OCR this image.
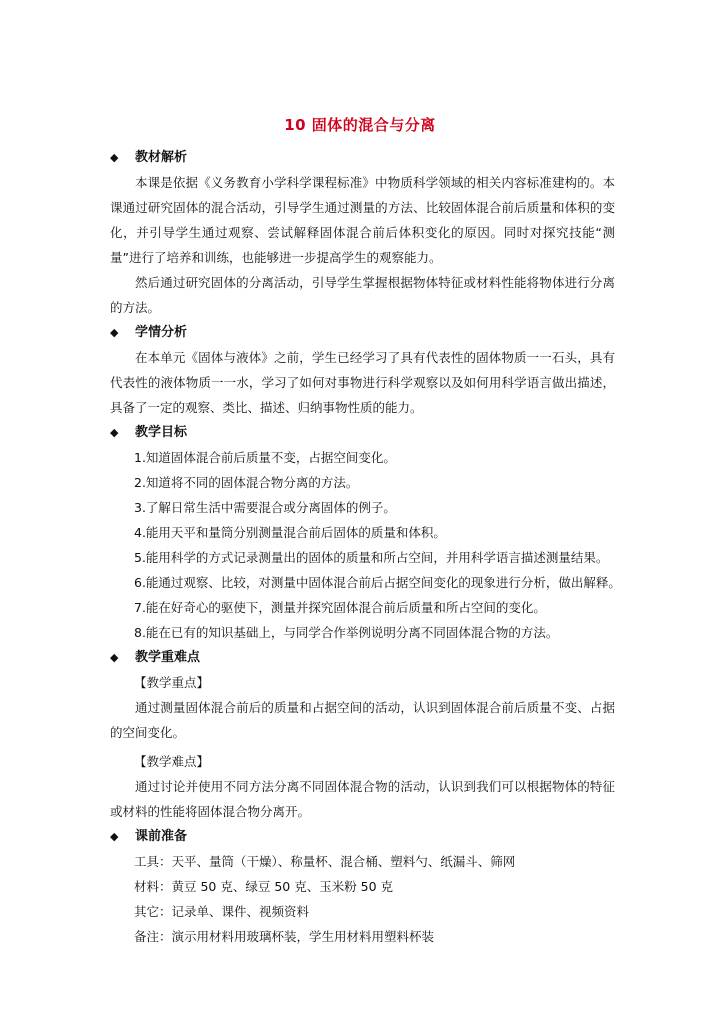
10 固体的混合与分离
◆	教材解析

本课是依据《义务教育小学科学课程标准》中物质科学领域的相关内容标准建构的。本课通过研究固体的混合活动，引导学生通过测量的方法、比较固体混合前后质量和体积的变化，并引导学生通过观察、尝试解释固体混合前后体积变化的原因。同时对探究技能“测量”进行了培养和训练，也能够进一步提高学生的观察能力。

然后通过研究固体的分离活动，引导学生掌握根据物体特征或材料性能将物体进行分离的方法。

◆	学情分析

在本单元《固体与液体》之前，学生已经学习了具有代表性的固体物质一一石头，具有代表性的液体物质一一水，学习了如何对事物进行科学观察以及如何用科学语言做出描述，具备了一定的观察、类比、描述、归纳事物性质的能力。

◆	教学目标
1.知道固体混合前后质量不变，占据空间变化。
2.知道将不同的固体混合物分离的方法。
3.了解日常生活中需要混合或分离固体的例子。
4.能用天平和量筒分别测量混合前后固体的质量和体积。
5.能用科学的方式记录测量出的固体的质量和所占空间，并用科学语言描述测量结果。
6.能通过观察、比较，对测量中固体混合前后占据空间变化的现象进行分析，做出解释。
7.能在好奇心的驱使下，测量并探究固体混合前后质量和所占空间的变化。
8.能在已有的知识基础上，与同学合作举例说明分离不同固体混合物的方法。
◆	教学重难点
【教学重点】

通过测量固体混合前后的质量和占据空间的活动，认识到固体混合前后质量不变、占据的空间变化。

【教学难点】

通过讨论并使用不同方法分离不同固体混合物的活动，认识到我们可以根据物体的特征或材料的性能将固体混合物分离开。

◆	课前准备
工具：天平、量筒（干燥）、称量杯、混合桶、塑料勺、纸漏斗、筛网
材料：黄豆 50 克、绿豆 50 克、玉米粉 50 克
其它：记录单、课件、视频资料
备注：演示用材料用玻璃杯装，学生用材料用塑料杯装
